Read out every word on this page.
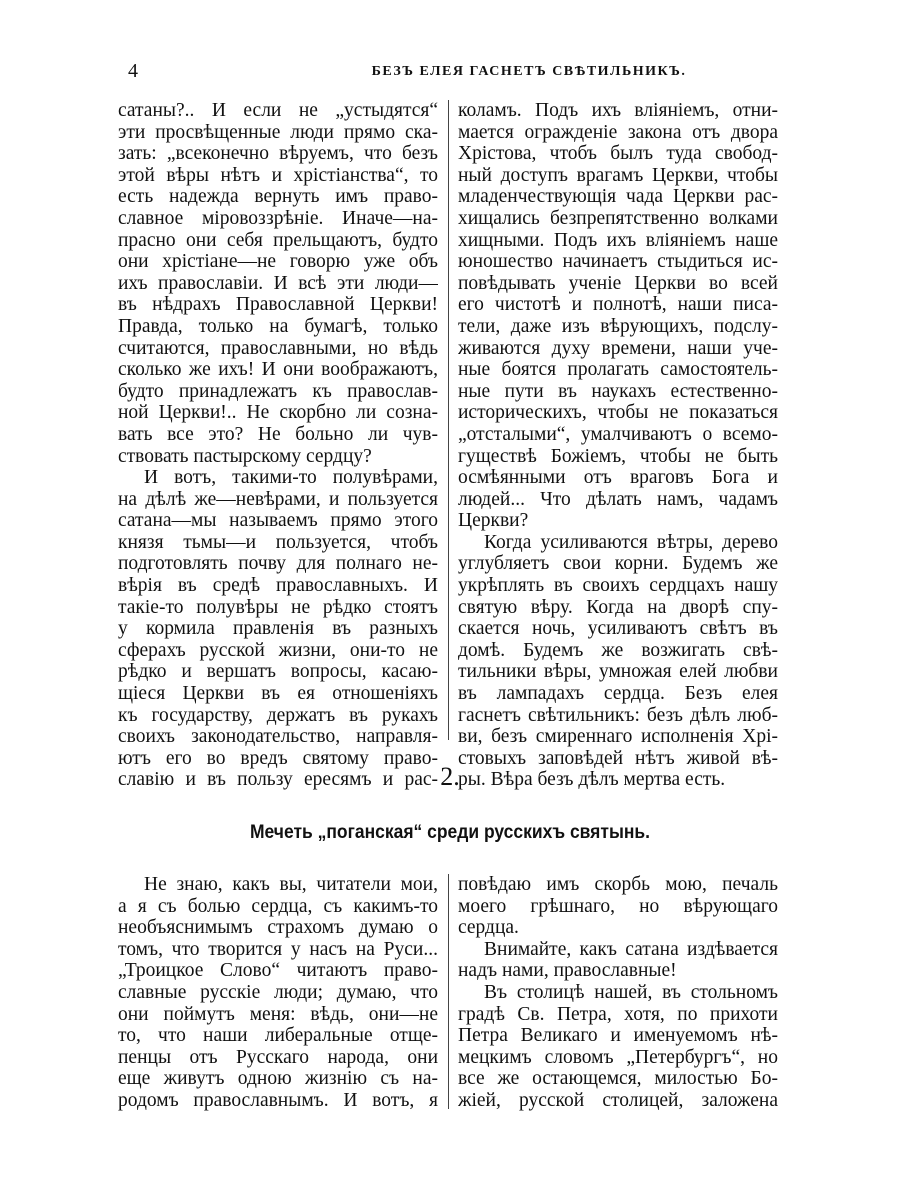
4	БЕЗЪ ЕЛЕЯ ГАСНЕТЪ СВѢТИЛЬНИКЪ.
сатаны?.. И если не „устыдятся“
эти просвѣщенные люди прямо ска-
зать: „всеконечно вѣруемъ, что безъ
этой вѣры нѣтъ и хрістіанства“, то
есть надежда вернуть имъ право-
славное міровоззрѣніе. Иначе—на-
прасно они себя прельщаютъ, будто
они хрістіане—не говорю уже объ
ихъ православіи. И всѣ эти люди—
въ нѣдрахъ Православной Церкви!
Правда, только на бумагѣ, только
считаются, православными, но вѣдь
сколько же ихъ! И они воображаютъ,
будто принадлежатъ къ православ-
ной Церкви!.. Не скорбно ли созна-
вать все это? Не больно ли чув-
ствовать пастырскому сердцу?
И вотъ, такими-то полувѣрами,
на дѣлѣ же—невѣрами, и пользуется
сатана—мы называемъ прямо этого
князя тьмы—и пользуется, чтобъ
подготовлять почву для полнаго не-
вѣрія въ средѣ православныхъ. И
такіе-то полувѣры не рѣдко стоятъ
у кормила правленія въ разныхъ
сферахъ русской жизни, они-то не
рѣдко и вершатъ вопросы, касаю-
щіеся Церкви въ ея отношеніяхъ
къ государству, держатъ въ рукахъ
своихъ законодательство, направля-
ютъ его во вредъ святому право-
славію и въ пользу ересямъ и рас-
коламъ. Подъ ихъ вліяніемъ, отни-
мается огражденіе закона отъ двора
Хрістова, чтобъ былъ туда свобод-
ный доступъ врагамъ Церкви, чтобы
младенчествующія чада Церкви рас-
хищались безпрепятственно волками
хищными. Подъ ихъ вліяніемъ наше
юношество начинаетъ стыдиться ис-
повѣдывать ученіе Церкви во всей
его чистотѣ и полнотѣ, наши писа-
тели, даже изъ вѣрующихъ, подслу-
живаются духу времени, наши уче-
ные боятся пролагать самостоятель-
ные пути въ наукахъ естественно-
историческихъ, чтобы не показаться
„отсталыми“, умалчиваютъ о всемо-
гуществѣ Божіемъ, чтобы не быть
осмѣянными отъ враговъ Бога и
людей... Что дѣлать намъ, чадамъ
Церкви?
Когда усиливаются вѣтры, дерево
углубляетъ свои корни. Будемъ же
укрѣплять въ своихъ сердцахъ нашу
святую вѣру. Когда на дворѣ спу-
скается ночь, усиливаютъ свѣтъ въ
домѣ. Будемъ же возжигать свѣ-
тильники вѣры, умножая елей любви
въ лампадахъ сердца. Безъ елея
гаснетъ свѣтильникъ: безъ дѣлъ люб-
ви, безъ смиреннаго исполненія Хрі-
стовыхъ заповѣдей нѣтъ живой вѣ-
ры. Вѣра безъ дѣлъ мертва есть.
2.
Мечеть „поганская“ среди русскихъ святынь.
Не знаю, какъ вы, читатели мои,
а я съ болью сердца, съ какимъ-то
необъяснимымъ страхомъ думаю о
томъ, что творится у насъ на Руси...
„Троицкое Слово“ читаютъ право-
славные русскіе люди; думаю, что
они поймутъ меня: вѣдь, они—не
то, что наши либеральные отще-
пенцы отъ Русскаго народа, они
еще живутъ одною жизнію съ на-
родомъ православнымъ. И вотъ, я
повѣдаю имъ скорбь мою, печаль
моего грѣшнаго, но вѣрующаго
сердца.
Внимайте, какъ сатана издѣвается
надъ нами, православные!
Въ столицѣ нашей, въ стольномъ
градѣ Св. Петра, хотя, по прихоти
Петра Великаго и именуемомъ нѣ-
мецкимъ словомъ „Петербургъ“, но
все же остающемся, милостью Бо-
жіей, русской столицей, заложена
